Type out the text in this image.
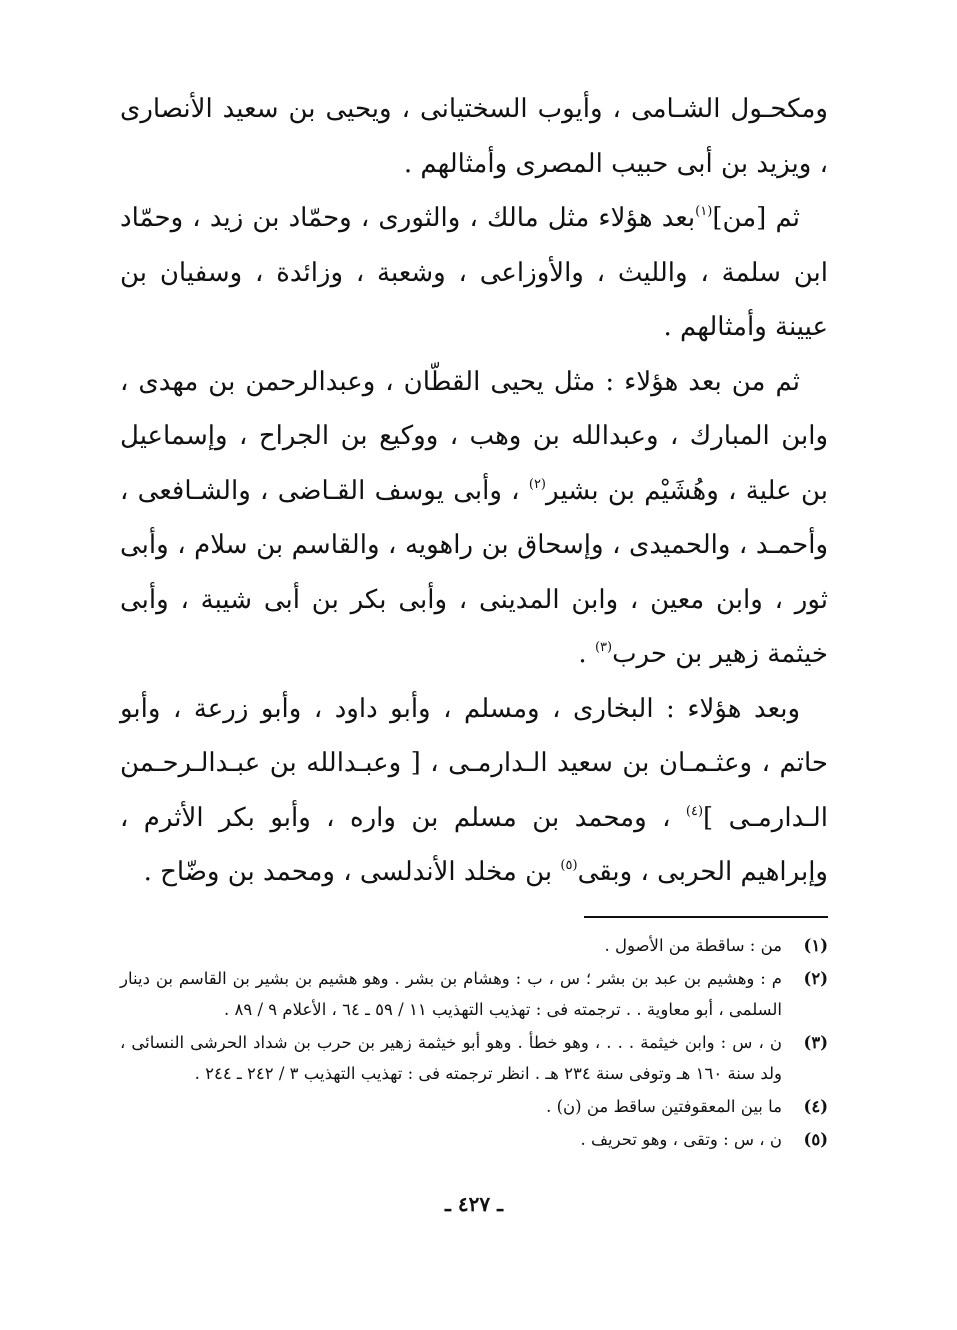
ومكحـول الشـامى ، وأيوب السختيانى ، ويحيى بن سعيد الأنصارى ، ويزيد بن أبى حبيب المصرى وأمثالهم .

ثم [من]$^{(١)}$بعد هؤلاء مثل مالك ، والثورى ، وحمّاد بن زيد ، وحمّاد ابن سلمة ، والليث ، والأوزاعى ، وشعبة ، وزائدة ، وسفيان بن عيينة وأمثالهم .

ثم من بعد هؤلاء : مثل يحيى القطّان ، وعبدالرحمن بن مهدى ، وابن المبارك ، وعبدالله بن وهب ، ووكيع بن الجراح ، وإسماعيل بن علية ، وهُشَيْم بن بشير$^{(٢)}$ ، وأبى يوسف القـاضى ، والشـافعى ، وأحمـد ، والحميدى ، وإسحاق بن راهويه ، والقاسم بن سلام ، وأبى ثور ، وابن معين ، وابن المدينى ، وأبى بكر بن أبى شيبة ، وأبى خيثمة زهير بن حرب$^{(٣)}$ .

وبعد هؤلاء : البخارى ، ومسلم ، وأبو داود ، وأبو زرعة ، وأبو حاتم ، وعثـمـان بن سعيد الـدارمـى ، [ وعبـدالله بن عبـدالـرحـمن الـدارمـى ]$^{(٤)}$ ، ومحمد بن مسلم بن واره ، وأبو بكر الأثرم ، وإبراهيم الحربى ، وبقى$^{(٥)}$ بن مخلد الأندلسى ، ومحمد بن وضّاح .

(١)
من : ساقطة من الأصول .
(٢)
م : وهشيم بن عبد بن بشر ؛ س ، ب : وهشام بن بشر . وهو هشيم بن بشير بن القاسم بن دينار السلمى ، أبو معاوية . . ترجمته فى : تهذيب التهذيب ١١ / ٥٩ ـ ٦٤ ، الأعلام ٩ / ٨٩ .
(٣)
ن ، س : وابن خيثمة . . . ، وهو خطأ . وهو أبو خيثمة زهير بن حرب بن شداد الحرشى النسائى ، ولد سنة ١٦٠ هـ وتوفى سنة ٢٣٤ هـ . انظر ترجمته فى : تهذيب التهذيب ٣ / ٢٤٢ ـ ٢٤٤ .
(٤)
ما بين المعقوفتين ساقط من (ن) .
(٥)
ن ، س : وتقى ، وهو تحريف .
ـ ٤٢٧ ـ
